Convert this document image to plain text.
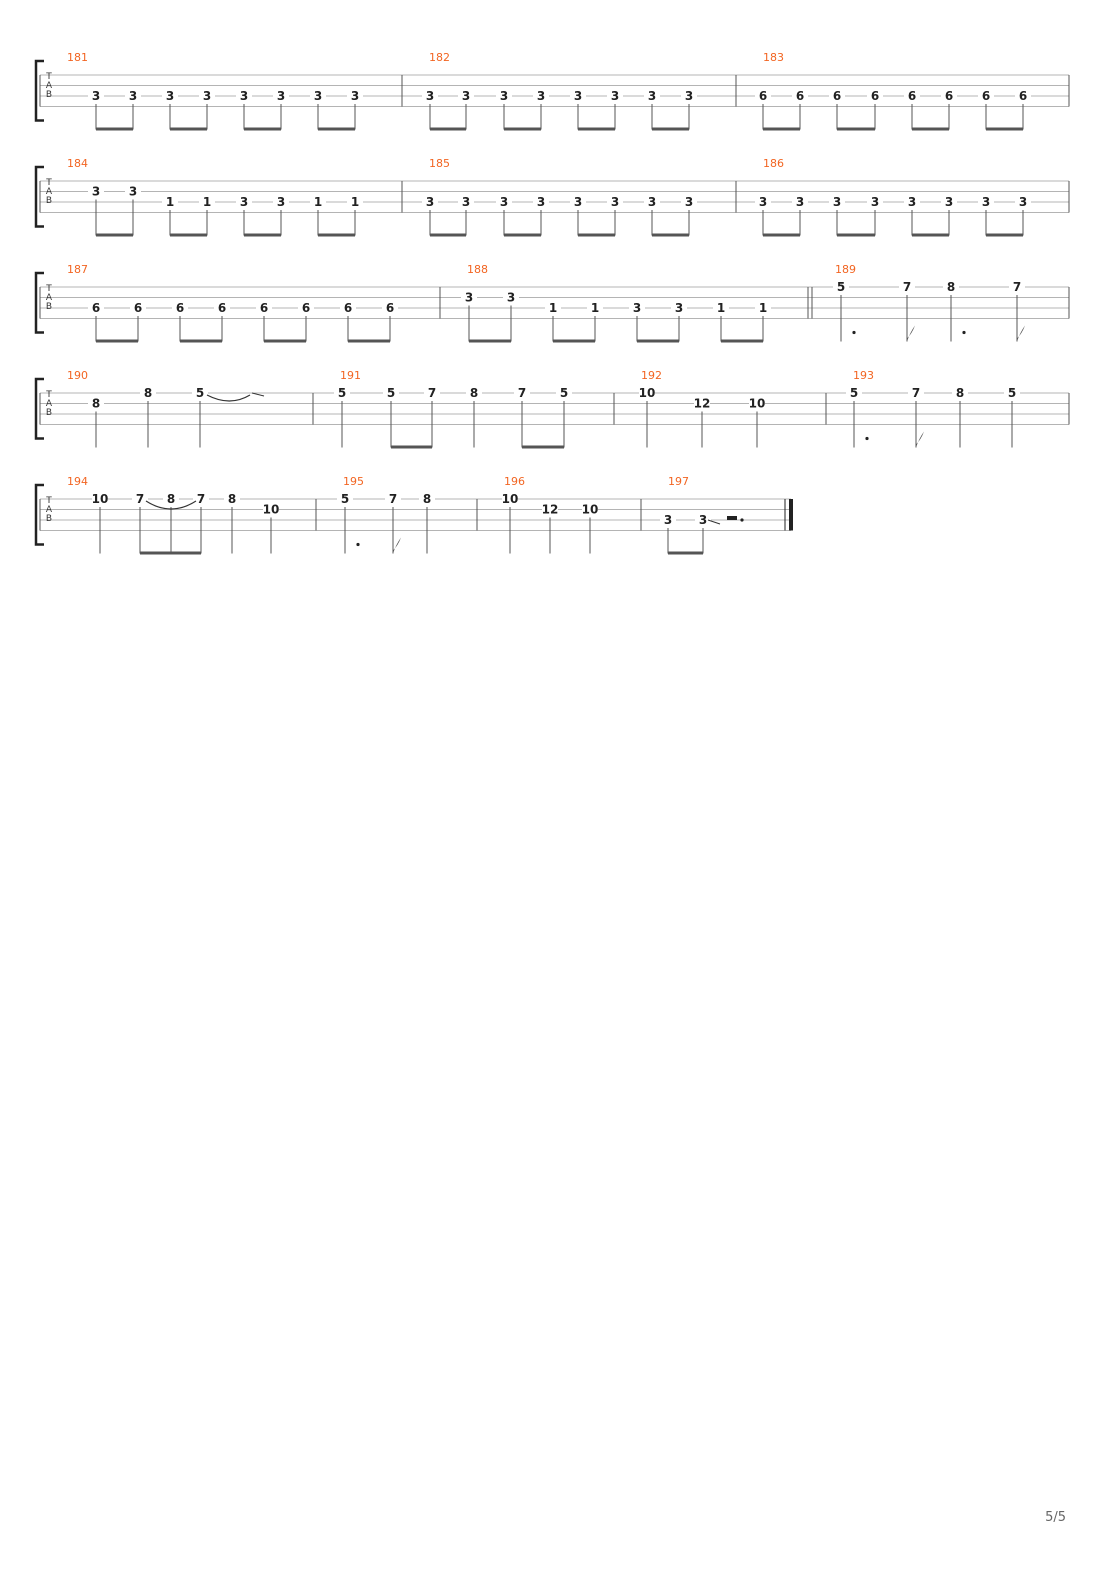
T
A
B
181
3 3 3 3 3 3 3 3
182
3 3 3 3 3 3 3 3
183
6 6 6 6 6 6 6 6
T
A
B
184
3 3
1 1 3 3 1 1
185
3 3 3 3 3 3 3 3
186
3 3 3 3 3 3 3 3
T
A
B
187
6	6	6	6	6	6	6	6
188
3	3
1	1	3	3	1	1
189
5	7	8	7
T
A
B
190
8
8	5
191
5	5	7	8	7	5
192
10
12	10
193
5	7	8	5
T
A
B
194
10 7 8 7 8
10
195
5	7 8
196
10
12 10
197
3 3
5/5
